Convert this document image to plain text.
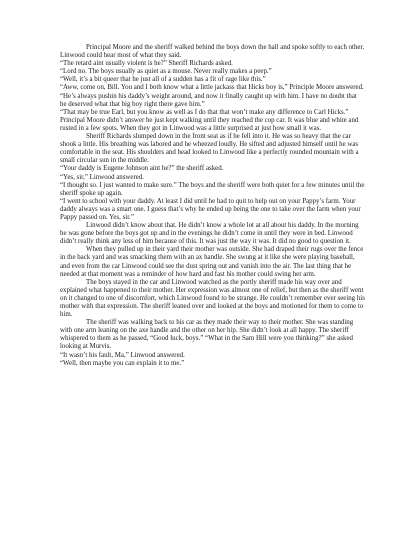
Principal Moore and the sheriff walked behind the boys down the hall and spoke softly to each other. Linwood could hear most of what they said.

“The retard aint usually violent is he?” Sheriff Richards asked.

“Lord no. The boys usually as quiet as a mouse. Never really makes a peep.”

“Well, it’s a bit queer that he just all of a sudden has a fit of rage like this.”

“Aww, come on, Bill. You and I both know what a little jackass that Hicks boy is,” Principle Moore answered. “He’s always pushin his daddy’s weight around, and now it finally caught up with him. I have no doubt that he deserved what that big boy right there gave him.”

“That may be true Earl, but you know as well as I do that that won’t make any difference to Carl Hicks.” Principal Moore didn’t answer he just kept walking until they reached the cop car. It was blue and white and rusted in a few spots. When they got in Linwood was a little surprised at just how small it was.

Sheriff Richards slumped down in the front seat as if he fell into it. He was so heavy that the car shook a little. His breathing was labored and he wheezed loudly. He sifted and adjusted himself until he was comfortable in the seat. His shoulders and head looked to Linwood like a perfectly rounded mountain with a small circular sun in the middle.

“Your daddy is Eugene Johnson aint he?” the sheriff asked.

“Yes, sir,” Linwood answered.

“I thought so. I just wanted to make sure.” The boys and the sheriff were both quiet for a few minutes until the sheriff spoke up again.

“I went to school with your daddy. At least I did until he had to quit to help out on your Pappy’s farm. Your daddy always was a smart one. I guess that’s why he ended up being the one to take over the farm when your Pappy passed on. Yes, sir.”

Linwood didn’t know about that. He didn’t know a whole lot at all about his daddy. In the morning he was gone before the boys got up and in the evenings he didn’t come in until they were in bed. Linwood didn’t really think any less of him because of this. It was just the way it was. It did no good to question it.

When they pulled up in their yard their mother was outside. She had draped their rugs over the fence in the back yard and was smacking them with an ax handle. She swung at it like she were playing baseball, and even from the car Linwood could see the dust spring out and vanish into the air. The last thing that he needed at that moment was a reminder of how hard and fast his mother could swing her arm.

The boys stayed in the car and Linwood watched as the portly sheriff made his way over and explained what happened to their mother. Her expression was almost one of relief, but then as the sheriff went on it changed to one of discomfort, which Linwood found to be strange. He couldn’t remember ever seeing his mother with that expression. The sheriff leaned over and looked at the boys and motioned for them to come to him.

The sheriff was walking back to his car as they made their way to their mother. She was standing with one arm leaning on the axe handle and the other on her hip. She didn’t look at all happy. The sheriff whispered to them as he passed, “Good luck, boys.” “What in the Sam Hill were you thinking?” she asked looking at Murvis.

“It wasn’t his fault, Ma,” Linwood answered.

“Well, then maybe you can explain it to me.”
